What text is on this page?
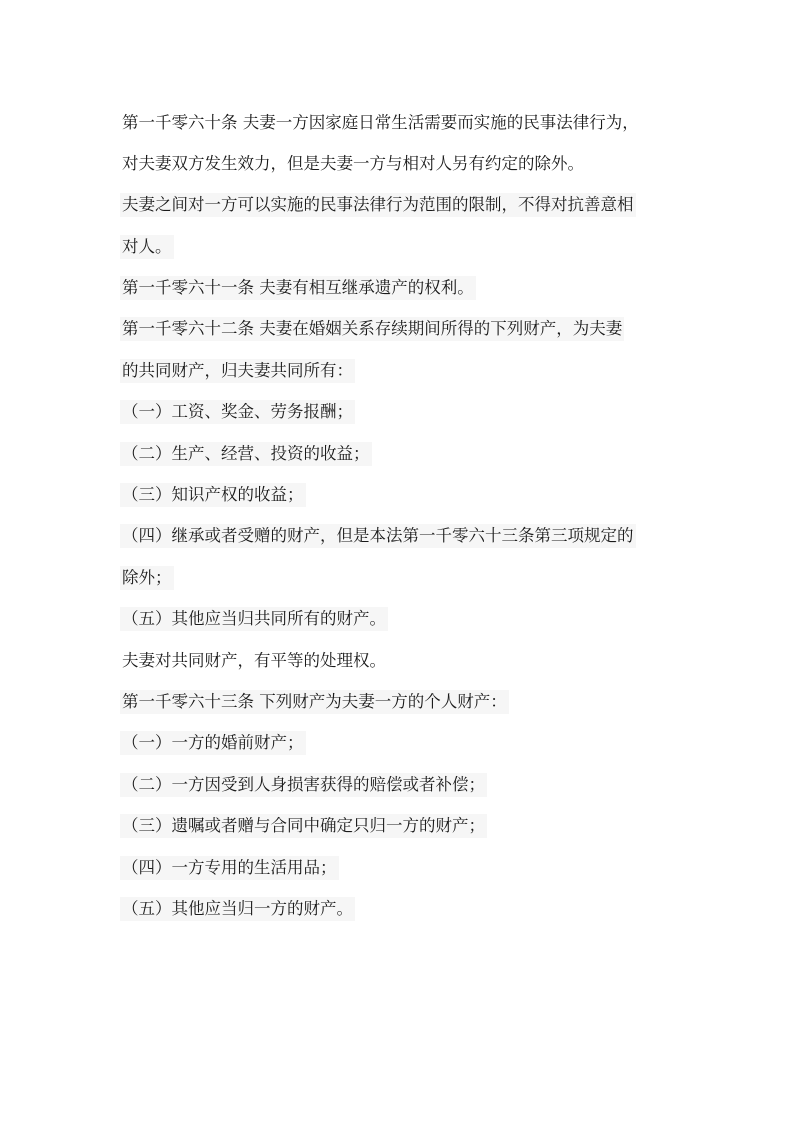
第一千零六十条 夫妻一方因家庭日常生活需要而实施的民事法律行为，
对夫妻双方发生效力，但是夫妻一方与相对人另有约定的除外。
夫妻之间对一方可以实施的民事法律行为范围的限制，不得对抗善意相
对人。
第一千零六十一条 夫妻有相互继承遗产的权利。
第一千零六十二条 夫妻在婚姻关系存续期间所得的下列财产，为夫妻
的共同财产，归夫妻共同所有：
（一）工资、奖金、劳务报酬；
（二）生产、经营、投资的收益；
（三）知识产权的收益；
（四）继承或者受赠的财产，但是本法第一千零六十三条第三项规定的
除外；
（五）其他应当归共同所有的财产。
夫妻对共同财产，有平等的处理权。
第一千零六十三条 下列财产为夫妻一方的个人财产：
（一）一方的婚前财产；
（二）一方因受到人身损害获得的赔偿或者补偿；
（三）遗嘱或者赠与合同中确定只归一方的财产；
（四）一方专用的生活用品；
（五）其他应当归一方的财产。
